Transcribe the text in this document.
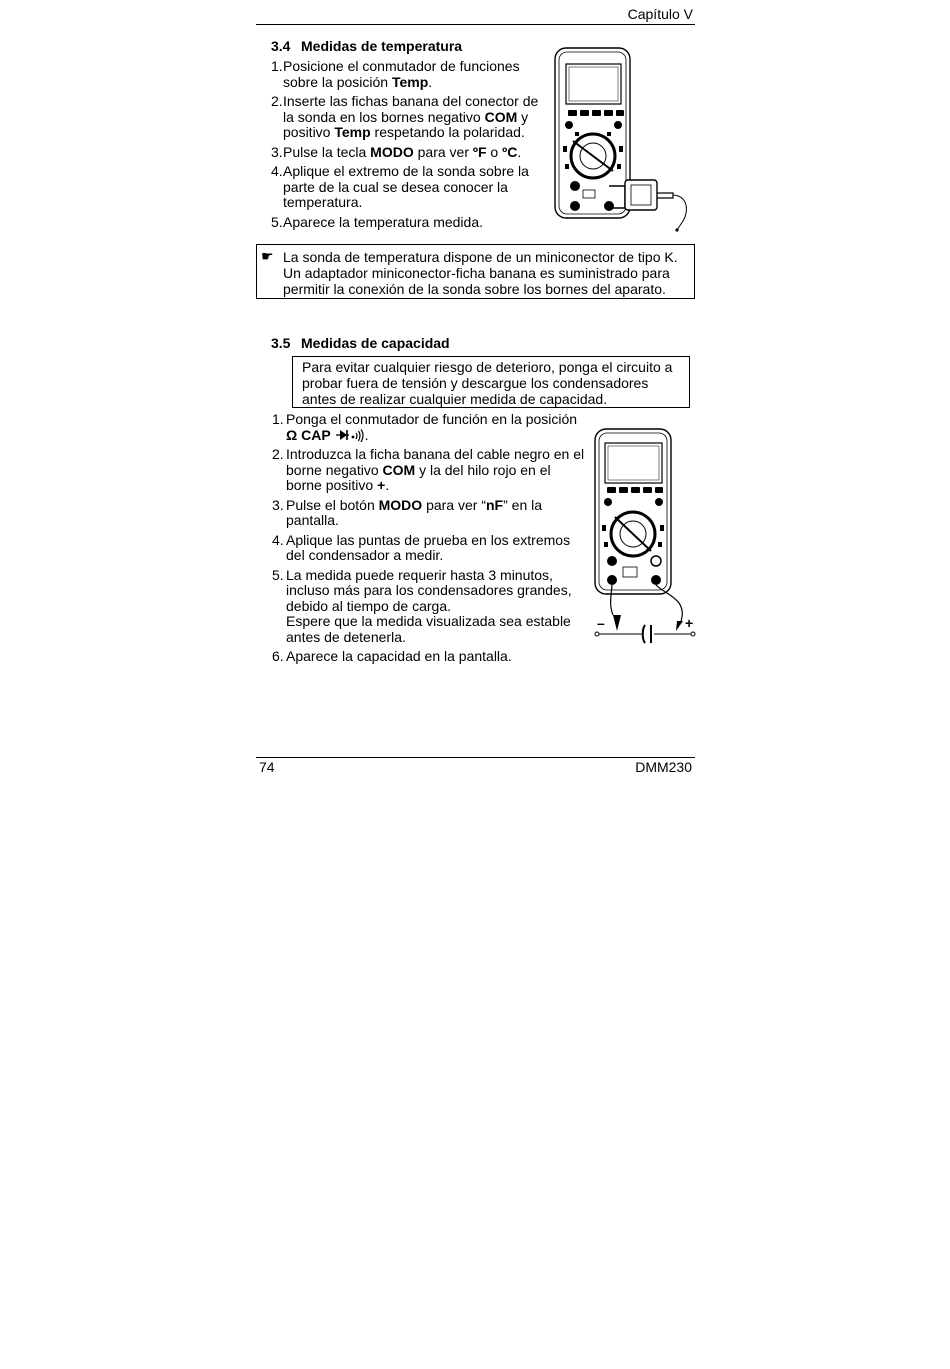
Capítulo V
3.4 Medidas de temperatura
1. Posicione el conmutador de funciones sobre la posición Temp.
2. Inserte las fichas banana del conector de la sonda en los bornes negativo COM y positivo Temp respetando la polaridad.
3. Pulse la tecla MODO para ver ºF o ºC.
4. Aplique el extremo de la sonda sobre la parte de la cual se desea conocer la temperatura.
5. Aparece la temperatura medida.
☛ La sonda de temperatura dispone de un miniconector de tipo K. Un adaptador miniconector-ficha banana es suministrado para permitir la conexión de la sonda sobre los bornes del aparato.
3.5 Medidas de capacidad
Para evitar cualquier riesgo de deterioro, ponga el circuito a probar fuera de tensión y descargue los condensadores antes de realizar cualquier medida de capacidad.
1. Ponga el conmutador de función en la posición
Ω CAP .
2. Introduzca la ficha banana del cable negro en el borne negativo COM y la del hilo rojo en el borne positivo +.
3. Pulse el botón MODO para ver “nF” en la pantalla.
4. Aplique las puntas de prueba en los extremos del condensador a medir.
5. La medida puede requerir hasta 3 minutos, incluso más para los condensadores grandes, debido al tiempo de carga.
Espere que la medida visualizada sea estable antes de detenerla.
6. Aparece la capacidad en la pantalla.
–	+
74	DMM230
